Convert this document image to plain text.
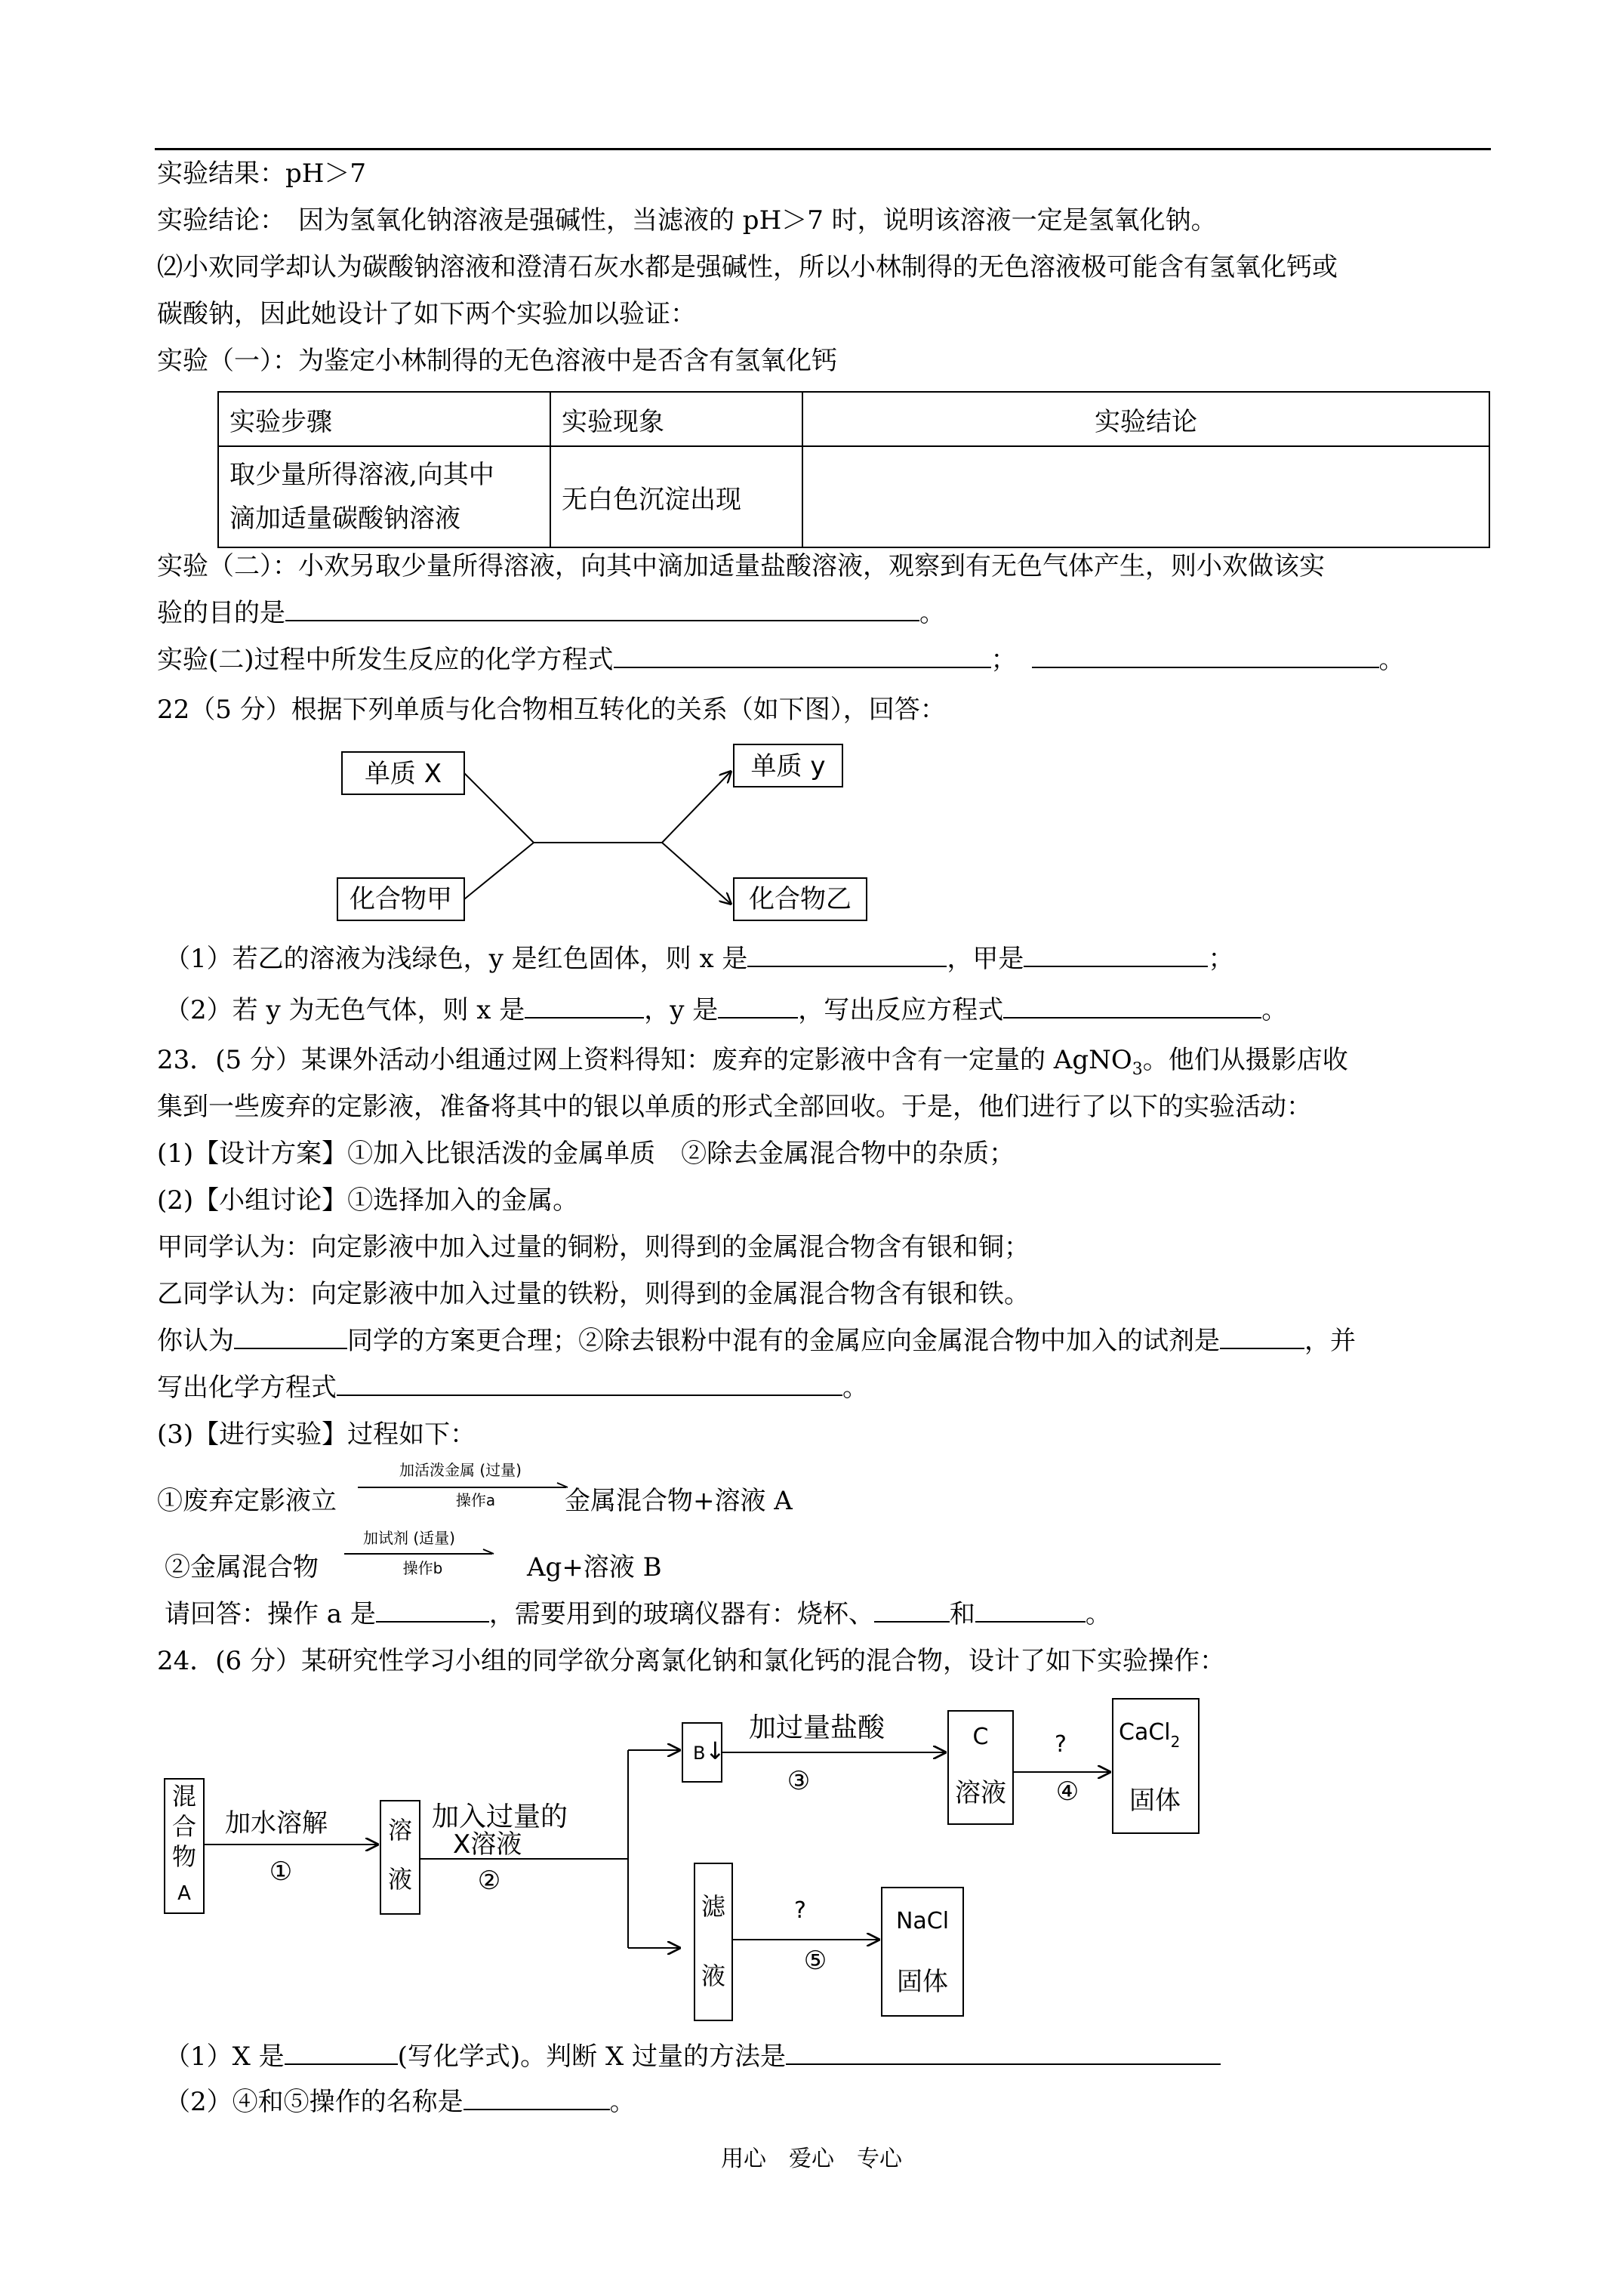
实验结果：pH＞7

实验结论：　因为氢氧化钠溶液是强碱性，当滤液的 pH＞7 时，说明该溶液一定是氢氧化钠。

⑵小欢同学却认为碳酸钠溶液和澄清石灰水都是强碱性，所以小林制得的无色溶液极可能含有氢氧化钙或

碳酸钠，因此她设计了如下两个实验加以验证：

实验（一）：为鉴定小林制得的无色溶液中是否含有氢氧化钙

实验步骤	实验现象	实验结论
取少量所得溶液,向其中
滴加适量碳酸钠溶液	无白色沉淀出现	

实验（二）：小欢另取少量所得溶液，向其中滴加适量盐酸溶液，观察到有无色气体产生，则小欢做该实

验的目的是	。

实验(二)过程中所发生反应的化学方程式	；	。

22（5 分）根据下列单质与化合物相互转化的关系（如下图），回答：

单质 X
化合物甲
单质 y
化合物乙

（1）若乙的溶液为浅绿色，y 是红色固体，则 x 是	，甲是	；

（2）若 y 为无色气体，则 x 是	，y 是	，写出反应方程式	。

23．(5 分）某课外活动小组通过网上资料得知：废弃的定影液中含有一定量的 AgNO$_3$。他们从摄影店收

集到一些废弃的定影液，准备将其中的银以单质的形式全部回收。于是，他们进行了以下的实验活动：

(1)【设计方案】①加入比银活泼的金属单质　②除去金属混合物中的杂质；

(2)【小组讨论】①选择加入的金属。

甲同学认为：向定影液中加入过量的铜粉，则得到的金属混合物含有银和铜；

乙同学认为：向定影液中加入过量的铁粉，则得到的金属混合物含有银和铁。

你认为	同学的方案更合理；②除去银粉中混有的金属应向金属混合物中加入的试剂是	，并

写出化学方程式	。

(3)【进行实验】过程如下：

①废弃定影液立

加活泼金属 (过量)
操作a	金属混合物+溶液 A

②金属混合物

加试剂 (适量)
操作b	Ag+溶液 B

请回答：操作 a 是	，需要用到的玻璃仪器有：烧杯、	和	。

24．(6 分）某研究性学习小组的同学欲分离氯化钠和氯化钙的混合物，设计了如下实验操作：

混
合
物
A
加水溶解
①
溶
液
加入过量的
X溶液
②
B ↓
加过量盐酸
③
C
溶液
?
④
CaCl$_2$
固体
滤
液
?
⑤
NaCl
固体

（1）X 是	(写化学式)。判断 X 过量的方法是

（2）④和⑤操作的名称是	。

用心　爱心　专心
